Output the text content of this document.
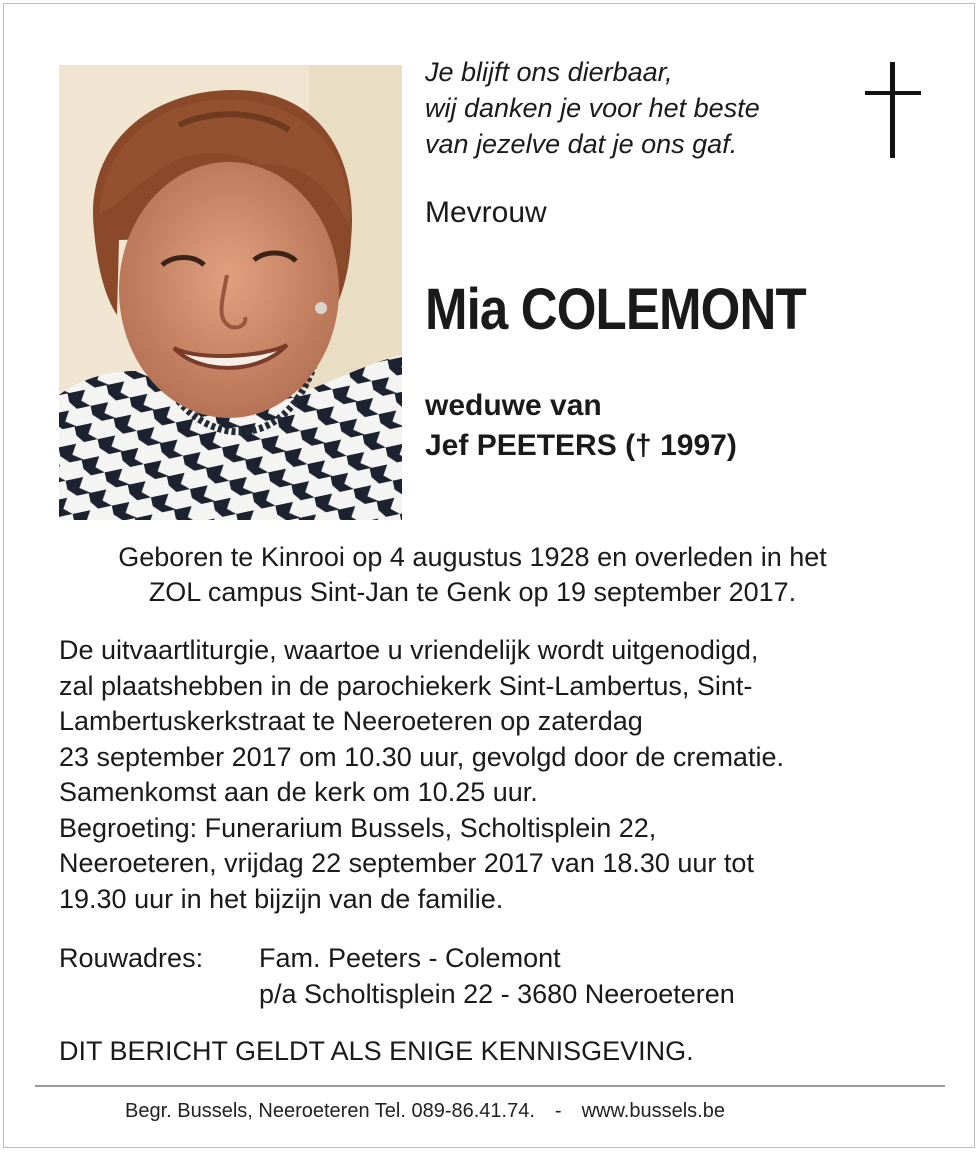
Je blijft ons dierbaar,
wij danken je voor het beste
van jezelve dat je ons gaf.
Mevrouw
Mia COLEMONT
weduwe van
Jef PEETERS († 1997)
Geboren te Kinrooi op 4 augustus 1928 en overleden in het
ZOL campus Sint-Jan te Genk op 19 september 2017.
De uitvaartliturgie, waartoe u vriendelijk wordt uitgenodigd,
zal plaatshebben in de parochiekerk Sint-Lambertus, Sint-
Lambertuskerkstraat te Neeroeteren op zaterdag
23 september 2017 om 10.30 uur, gevolgd door de crematie.
Samenkomst aan de kerk om 10.25 uur.
Begroeting: Funerarium Bussels, Scholtisplein 22,
Neeroeteren, vrijdag 22 september 2017 van 18.30 uur tot
19.30 uur in het bijzijn van de familie.
Rouwadres: Fam. Peeters - Colemont
p/a Scholtisplein 22 - 3680 Neeroeteren
DIT BERICHT GELDT ALS ENIGE KENNISGEVING.
Begr. Bussels, Neeroeteren Tel. 089-86.41.74. - www.bussels.be
